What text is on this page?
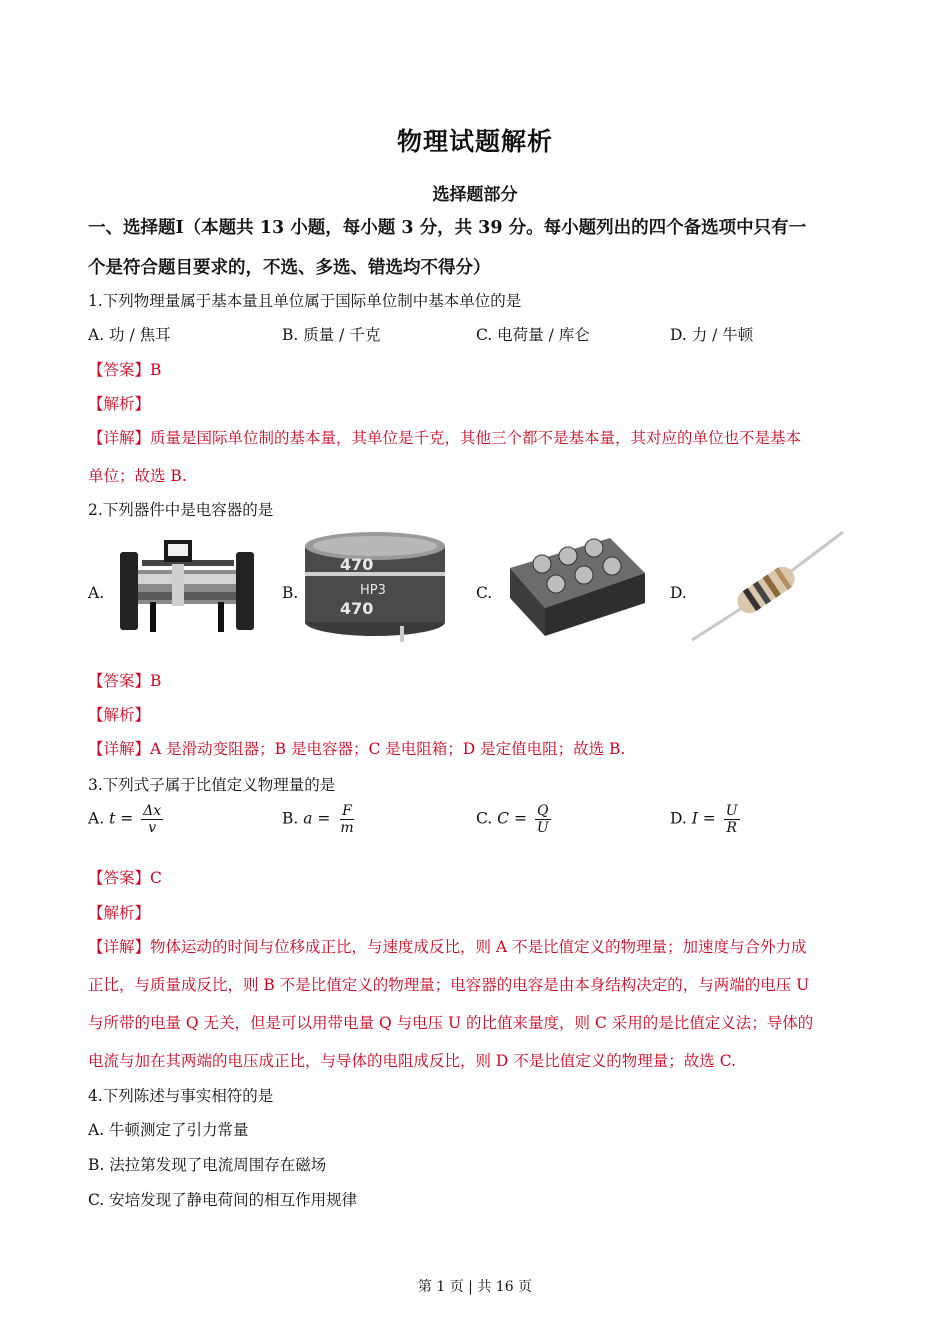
物理试题解析
选择题部分
一、选择题Ⅰ（本题共 13 小题，每小题 3 分，共 39 分。每小题列出的四个备选项中只有一
个是符合题目要求的，不选、多选、错选均不得分）
1.下列物理量属于基本量且单位属于国际单位制中基本单位的是
A. 功 / 焦耳	B. 质量 / 千克	C. 电荷量 / 库仑	D. 力 / 牛顿
【答案】B
【解析】
【详解】质量是国际单位制的基本量，其单位是千克，其他三个都不是基本量，其对应的单位也不是基本
单位；故选 B.
2.下列器件中是电容器的是
A.	B.
470
HP3
470
C.	D.
【答案】B
【解析】
【详解】A 是滑动变阻器；B 是电容器；C 是电阻箱；D 是定值电阻；故选 B.
3.下列式子属于比值定义物理量的是
A. $t = \frac{\Delta x}{v}$	B. $a = \frac{F}{m}$	C. $C = \frac{Q}{U}$	D. $I = \frac{U}{R}$
【答案】C
【解析】
【详解】物体运动的时间与位移成正比，与速度成反比，则 A 不是比值定义的物理量；加速度与合外力成
正比，与质量成反比，则 B 不是比值定义的物理量；电容器的电容是由本身结构决定的，与两端的电压 U
与所带的电量 Q 无关，但是可以用带电量 Q 与电压 U 的比值来量度，则 C 采用的是比值定义法；导体的
电流与加在其两端的电压成正比，与导体的电阻成反比，则 D 不是比值定义的物理量；故选 C.
4.下列陈述与事实相符的是
A. 牛顿测定了引力常量
B. 法拉第发现了电流周围存在磁场
C. 安培发现了静电荷间的相互作用规律
第 1 页 | 共 16 页
